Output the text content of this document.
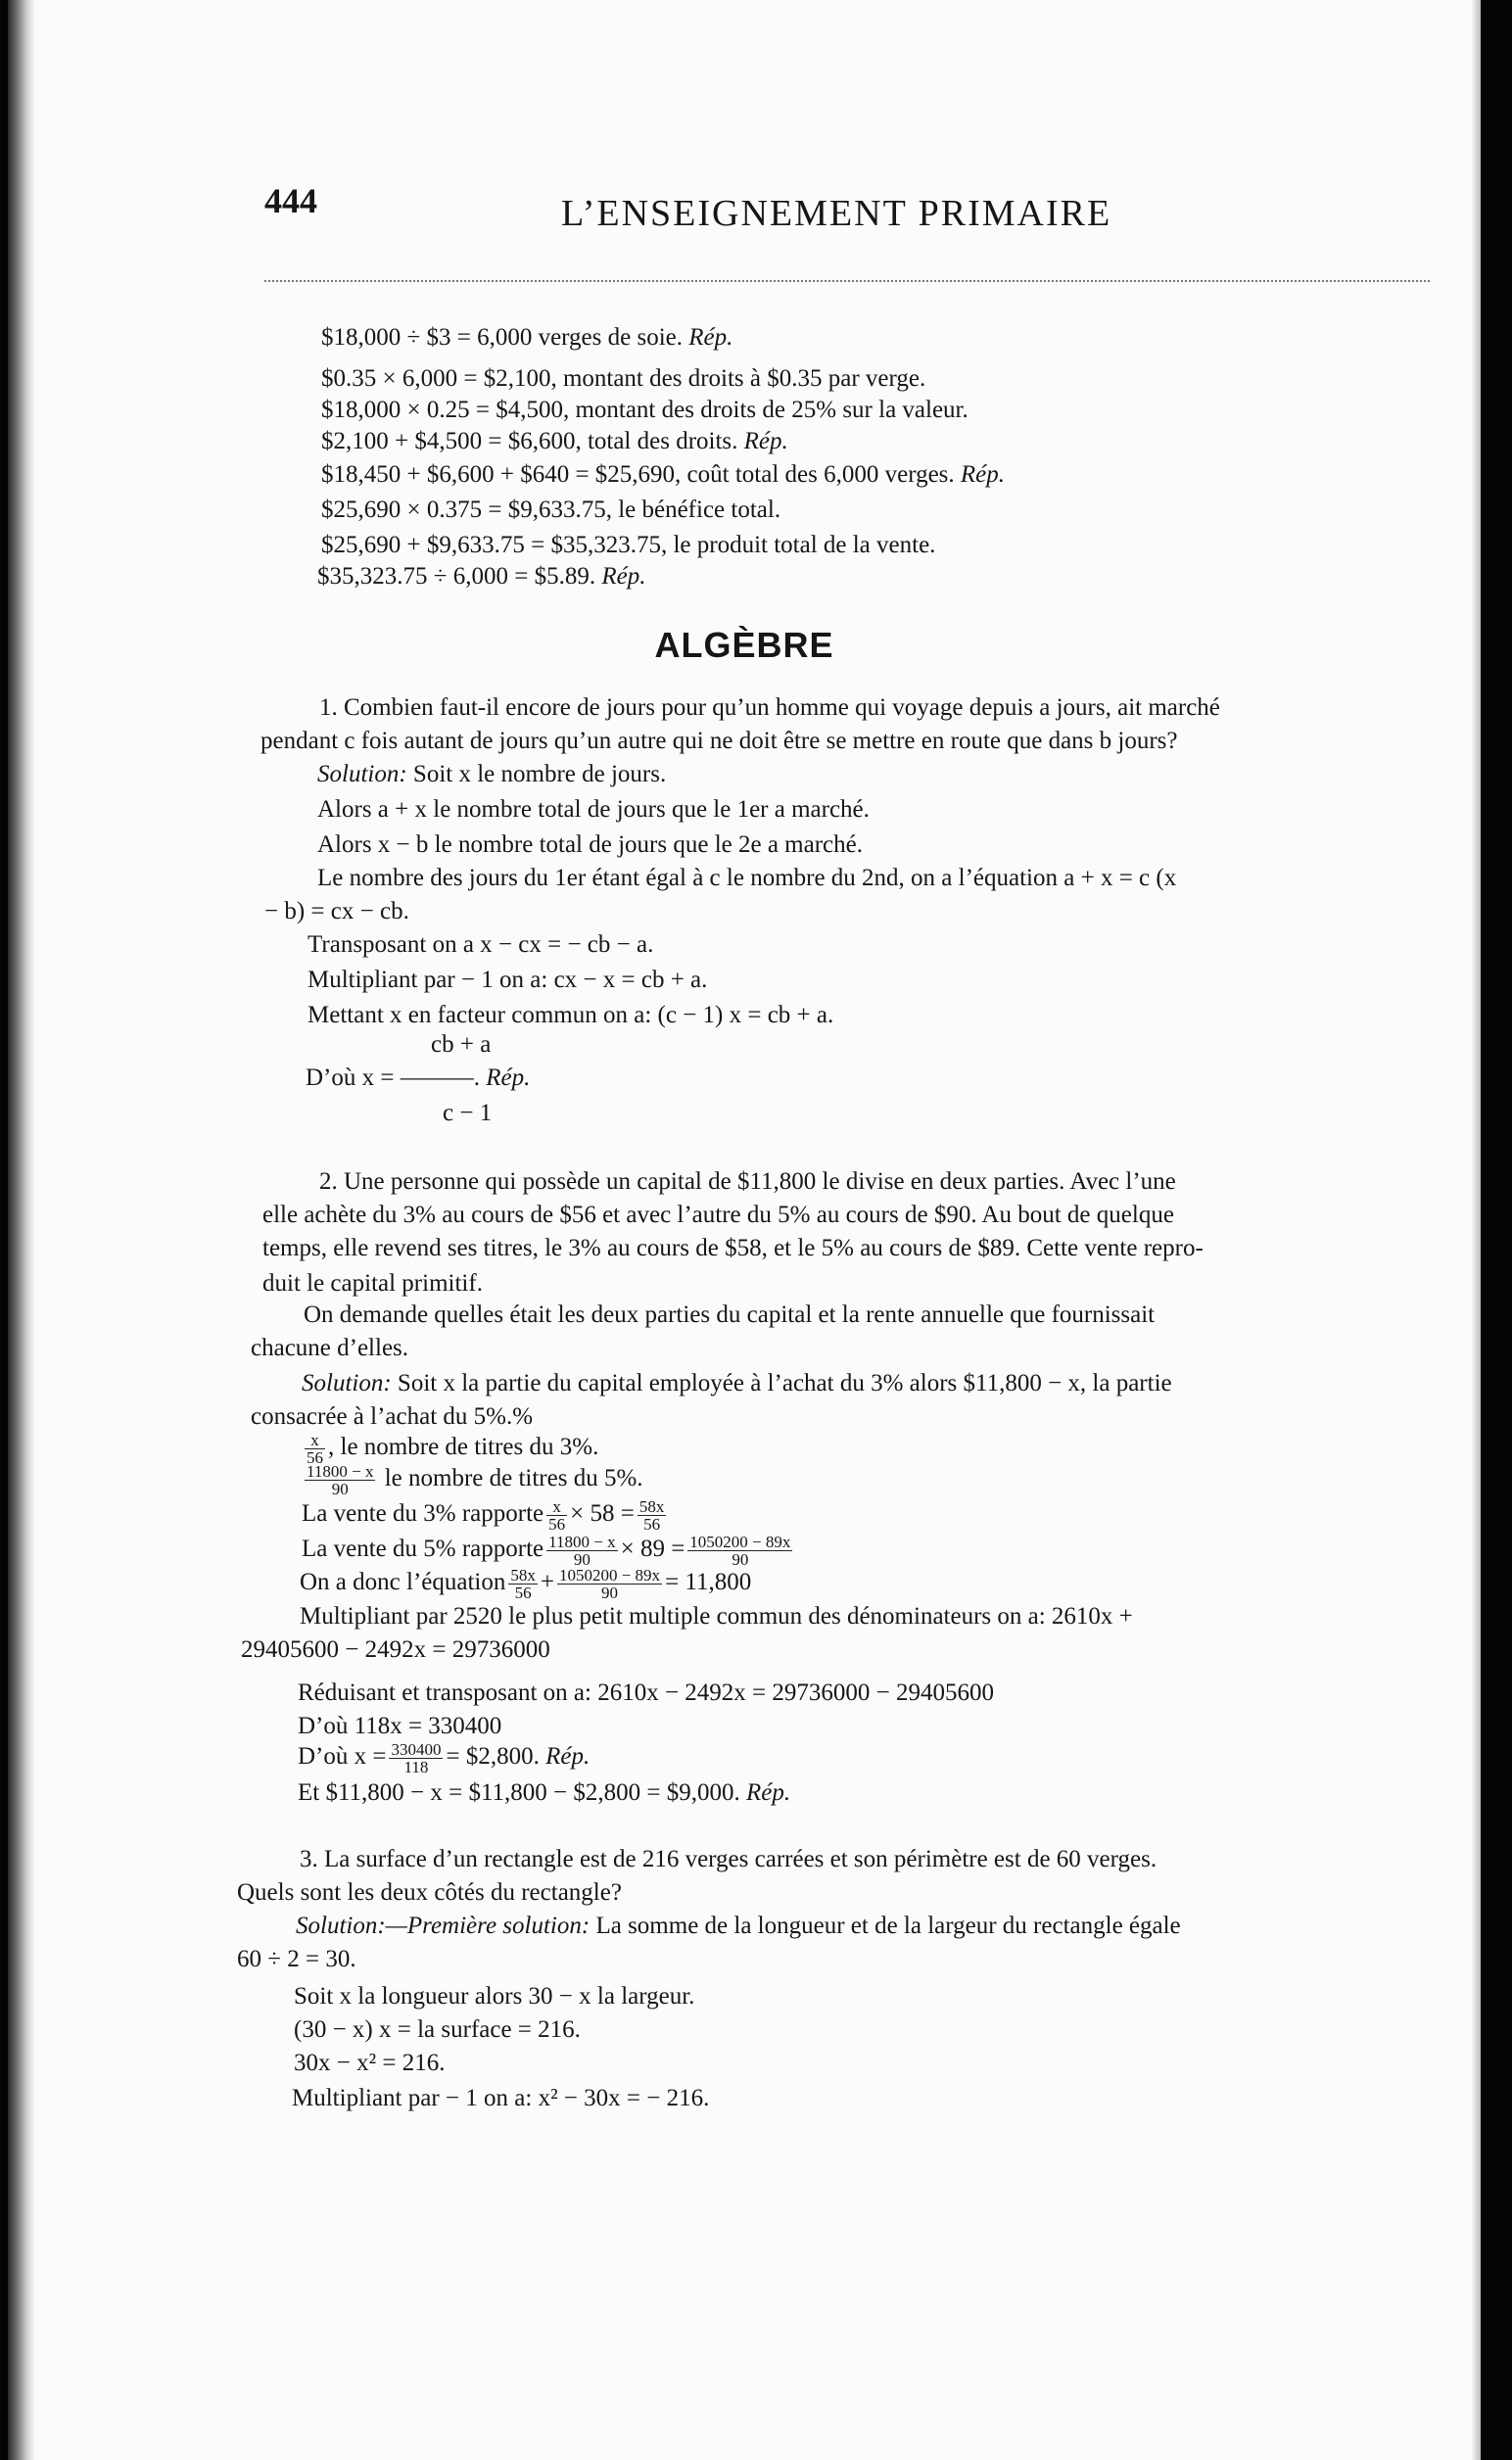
444	L’ENSEIGNEMENT PRIMAIRE
$18,000 ÷ $3 = 6,000 verges de soie. Rép.
$0.35 × 6,000 = $2,100, montant des droits à $0.35 par verge.
$18,000 × 0.25 = $4,500, montant des droits de 25% sur la valeur.
$2,100 + $4,500 = $6,600, total des droits. Rép.
$18,450 + $6,600 + $640 = $25,690, coût total des 6,000 verges. Rép.
$25,690 × 0.375 = $9,633.75, le bénéfice total.
$25,690 + $9,633.75 = $35,323.75, le produit total de la vente.
$35,323.75 ÷ 6,000 = $5.89. Rép.
ALGÈBRE
1. Combien faut-il encore de jours pour qu’un homme qui voyage depuis a jours, ait marché
pendant c fois autant de jours qu’un autre qui ne doit être se mettre en route que dans b jours?
Solution: Soit x le nombre de jours.
Alors a + x le nombre total de jours que le 1er a marché.
Alors x − b le nombre total de jours que le 2e a marché.
Le nombre des jours du 1er étant égal à c le nombre du 2nd, on a l’équation a + x = c (x
− b) = cx − cb.
Transposant on a x − cx = − cb − a.
Multipliant par − 1 on a: cx − x = cb + a.
Mettant x en facteur commun on a: (c − 1) x = cb + a.
cb + a
D’où x = ———. Rép.
c − 1
2. Une personne qui possède un capital de $11,800 le divise en deux parties. Avec l’une
elle achète du 3% au cours de $56 et avec l’autre du 5% au cours de $90. Au bout de quelque
temps, elle revend ses titres, le 3% au cours de $58, et le 5% au cours de $89. Cette vente repro-
duit le capital primitif.
On demande quelles était les deux parties du capital et la rente annuelle que fournissait
chacune d’elles.
Solution: Soit x la partie du capital employée à l’achat du 3% alors $11,800 − x, la partie
consacrée à l’achat du 5%.%
$\frac{x}{56}$ , le nombre de titres du 3%.
$\frac{11800 - x}{90}$ le nombre de titres du 5%.
La vente du 3% rapporte $\frac{x}{56} \times 58 = \frac{58x}{56}$
La vente du 5% rapporte $\frac{11800 - x}{90} \times 89 = \frac{1050200 - 89x}{90}$
On a donc l’équation $\frac{58x}{56} + \frac{1050200 - 89x}{90} = 11,800$
Multipliant par 2520 le plus petit multiple commun des dénominateurs on a: 2610x +
29405600 − 2492x = 29736000
Réduisant et transposant on a: 2610x − 2492x = 29736000 − 29405600
D’où 118x = 330400
D’où $x = \frac{330400}{118}$ = $2,800. Rép.
Et $11,800 − x = $11,800 − $2,800 = $9,000. Rép.
3. La surface d’un rectangle est de 216 verges carrées et son périmètre est de 60 verges.
Quels sont les deux côtés du rectangle?
Solution:—Première solution: La somme de la longueur et de la largeur du rectangle égale
60 ÷ 2 = 30.
Soit x la longueur alors 30 − x la largeur.
(30 − x) x = la surface = 216.
30x − x² = 216.
Multipliant par − 1 on a: x² − 30x = − 216.
